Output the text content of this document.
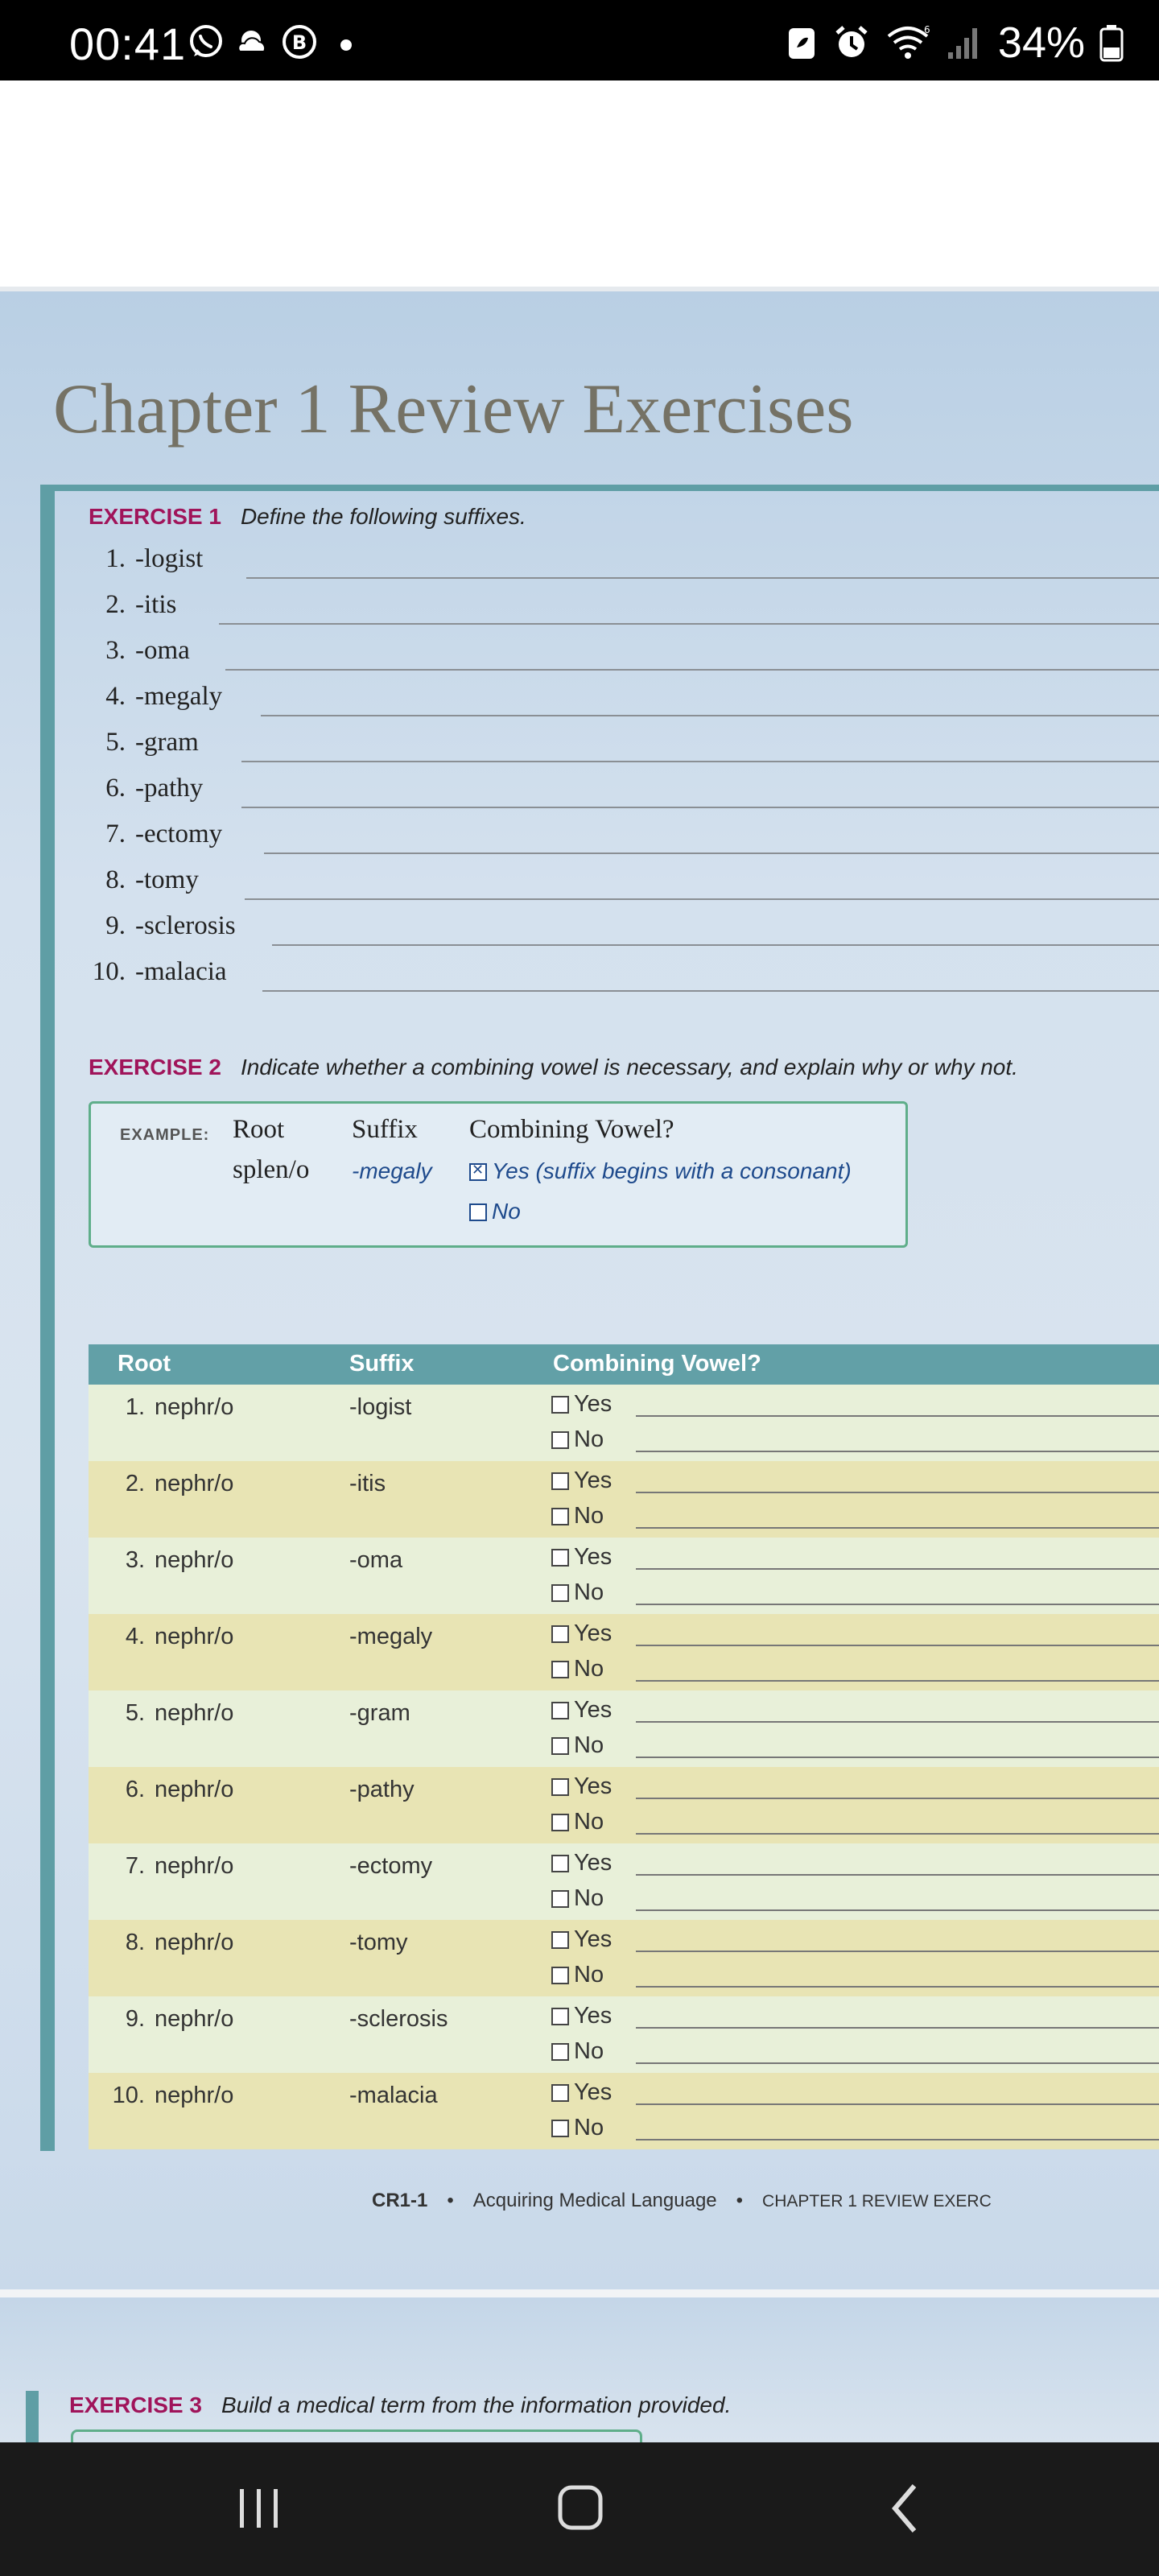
00:41	B
6 34%
Chapter 1 Review Exercises
EXERCISE 1 Define the following suffixes.
1. -logist
2. -itis
3. -oma
4. -megaly
5. -gram
6. -pathy
7. -ectomy
8. -tomy
9. -sclerosis
10. -malacia
EXERCISE 2 Indicate whether a combining vowel is necessary, and explain why or why not.
EXAMPLE: Root	Suffix Combining Vowel?
splen/o -megaly
✕	Yes (suffix begins with a consonant)
No
Root	Suffix	Combining Vowel?
1. nephr/o	-logist	Yes
No
2. nephr/o	-itis	Yes
No
3. nephr/o	-oma	Yes
No
4. nephr/o	-megaly	Yes
No
5. nephr/o	-gram	Yes
No
6. nephr/o	-pathy	Yes
No
7. nephr/o	-ectomy	Yes
No
8. nephr/o	-tomy	Yes
No
9. nephr/o	-sclerosis	Yes
No
10. nephr/o	-malacia	Yes
No
CR1-1 • Acquiring Medical Language • CHAPTER 1 REVIEW EXERC
EXERCISE 3 Build a medical term from the information provided.
